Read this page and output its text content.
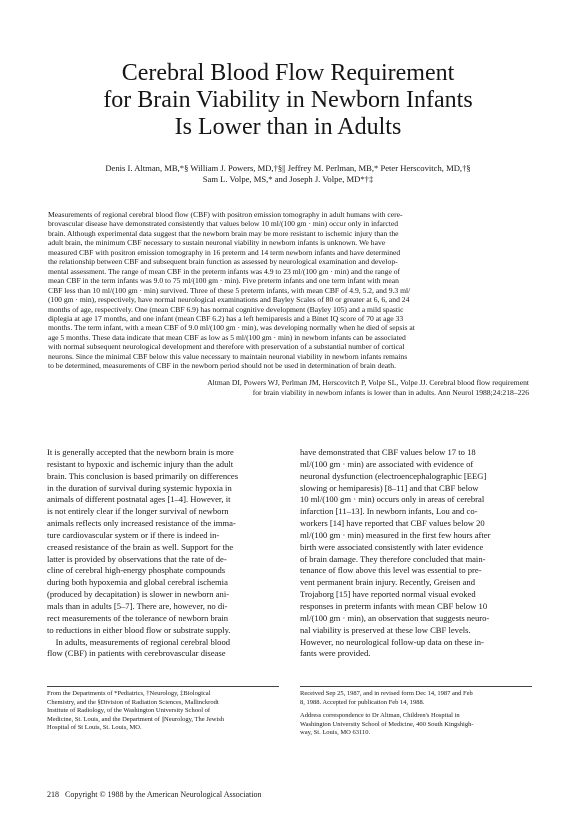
Cerebral Blood Flow Requirement
for Brain Viability in Newborn Infants
Is Lower than in Adults
Denis I. Altman, MB,*§ William J. Powers, MD,†§|| Jeffrey M. Perlman, MB,* Peter Herscovitch, MD,†§
Sam L. Volpe, MS,* and Joseph J. Volpe, MD*†‡
Measurements of regional cerebral blood flow (CBF) with positron emission tomography in adult humans with cere-
brovascular disease have demonstrated consistently that values below 10 ml/(100 gm · min) occur only in infarcted
brain. Although experimental data suggest that the newborn brain may be more resistant to ischemic injury than the
adult brain, the minimum CBF necessary to sustain neuronal viability in newborn infants is unknown. We have
measured CBF with positron emission tomography in 16 preterm and 14 term newborn infants and have determined
the relationship between CBF and subsequent brain function as assessed by neurological examination and develop-
mental assessment. The range of mean CBF in the preterm infants was 4.9 to 23 ml/(100 gm · min) and the range of
mean CBF in the term infants was 9.0 to 75 ml/(100 gm · min). Five preterm infants and one term infant with mean
CBF less than 10 ml/(100 gm · min) survived. Three of these 5 preterm infants, with mean CBF of 4.9, 5.2, and 9.3 ml/
(100 gm · min), respectively, have normal neurological examinations and Bayley Scales of 80 or greater at 6, 6, and 24
months of age, respectively. One (mean CBF 6.9) has normal cognitive development (Bayley 105) and a mild spastic
diplegia at age 17 months, and one infant (mean CBF 6.2) has a left hemiparesis and a Binet IQ score of 70 at age 33
months. The term infant, with a mean CBF of 9.0 ml/(100 gm · min), was developing normally when he died of sepsis at
age 5 months. These data indicate that mean CBF as low as 5 ml/(100 gm · min) in newborn infants can be associated
with normal subsequent neurological development and therefore with preservation of a substantial number of cortical
neurons. Since the minimal CBF below this value necessary to maintain neuronal viability in newborn infants remains
to be determined, measurements of CBF in the newborn period should not be used in determination of brain death.
Altman DI, Powers WJ, Perlman JM, Herscovitch P, Volpe SL, Volpe JJ. Cerebral blood flow requirement
for brain viability in newborn infants is lower than in adults. Ann Neurol 1988;24:218–226
It is generally accepted that the newborn brain is more
resistant to hypoxic and ischemic injury than the adult
brain. This conclusion is based primarily on differences
in the duration of survival during systemic hypoxia in
animals of different postnatal ages [1–4]. However, it
is not entirely clear if the longer survival of newborn
animals reflects only increased resistance of the imma-
ture cardiovascular system or if there is indeed in-
creased resistance of the brain as well. Support for the
latter is provided by observations that the rate of de-
cline of cerebral high-energy phosphate compounds
during both hypoxemia and global cerebral ischemia
(produced by decapitation) is slower in newborn ani-
mals than in adults [5–7]. There are, however, no di-
rect measurements of the tolerance of newborn brain
to reductions in either blood flow or substrate supply.
In adults, measurements of regional cerebral blood
flow (CBF) in patients with cerebrovascular disease
have demonstrated that CBF values below 17 to 18
ml/(100 gm · min) are associated with evidence of
neuronal dysfunction (electroencephalographic [EEG]
slowing or hemiparesis) [8–11] and that CBF below
10 ml/(100 gm · min) occurs only in areas of cerebral
infarction [11–13]. In newborn infants, Lou and co-
workers [14] have reported that CBF values below 20
ml/(100 gm · min) measured in the first few hours after
birth were associated consistently with later evidence
of brain damage. They therefore concluded that main-
tenance of flow above this level was essential to pre-
vent permanent brain injury. Recently, Greisen and
Trojaborg [15] have reported normal visual evoked
responses in preterm infants with mean CBF below 10
ml/(100 gm · min), an observation that suggests neuro-
nal viability is preserved at these low CBF levels.
However, no neurological follow-up data on these in-
fants were provided.
From the Departments of *Pediatrics, †Neurology, ‡Biological
Chemistry, and the §Division of Radiation Sciences, Mallinckrodt
Institute of Radiology, of the Washington University School of
Medicine, St. Louis, and the Department of ||Neurology, The Jewish
Hospital of St Louis, St. Louis, MO.
Received Sep 25, 1987, and in revised form Dec 14, 1987 and Feb
8, 1988. Accepted for publication Feb 14, 1988.
Address correspondence to Dr Altman, Children's Hospital in
Washington University School of Medicine, 400 South Kingshigh-
way, St. Louis, MO 63110.
218   Copyright © 1988 by the American Neurological Association
